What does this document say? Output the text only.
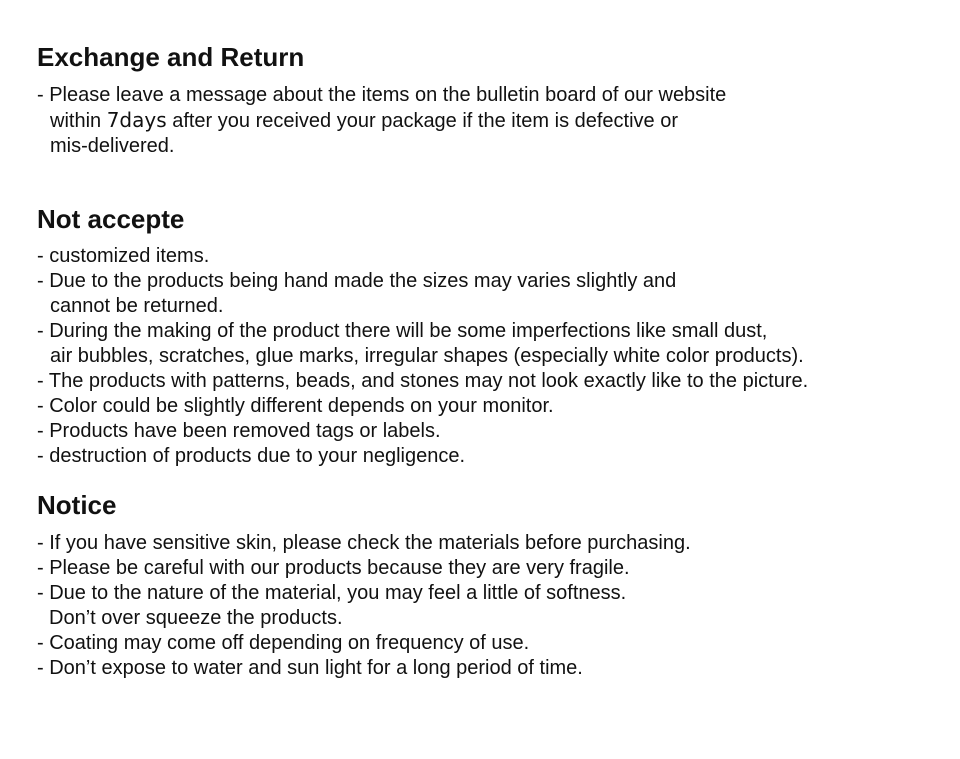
Exchange and Return
- Please leave a message about the items on the bulletin board of our website
within 7days after you received your package if the item is defective or
mis-delivered.
Not accepte
- customized items.
- Due to the products being hand made the sizes may varies slightly and
cannot be returned.
- During the making of the product there will be some imperfections like small dust,
air bubbles, scratches, glue marks, irregular shapes (especially white color products).
- The products with patterns, beads, and stones may not look exactly like to the picture.
- Color could be slightly different depends on your monitor.
- Products have been removed tags or labels.
- destruction of products due to your negligence.
Notice
- If you have sensitive skin, please check the materials before purchasing.
- Please be careful with our products because they are very fragile.
- Due to the nature of the material, you may feel a little of softness.
Don’t over squeeze the products.
- Coating may come off depending on frequency of use.
- Don’t expose to water and sun light for a long period of time.
